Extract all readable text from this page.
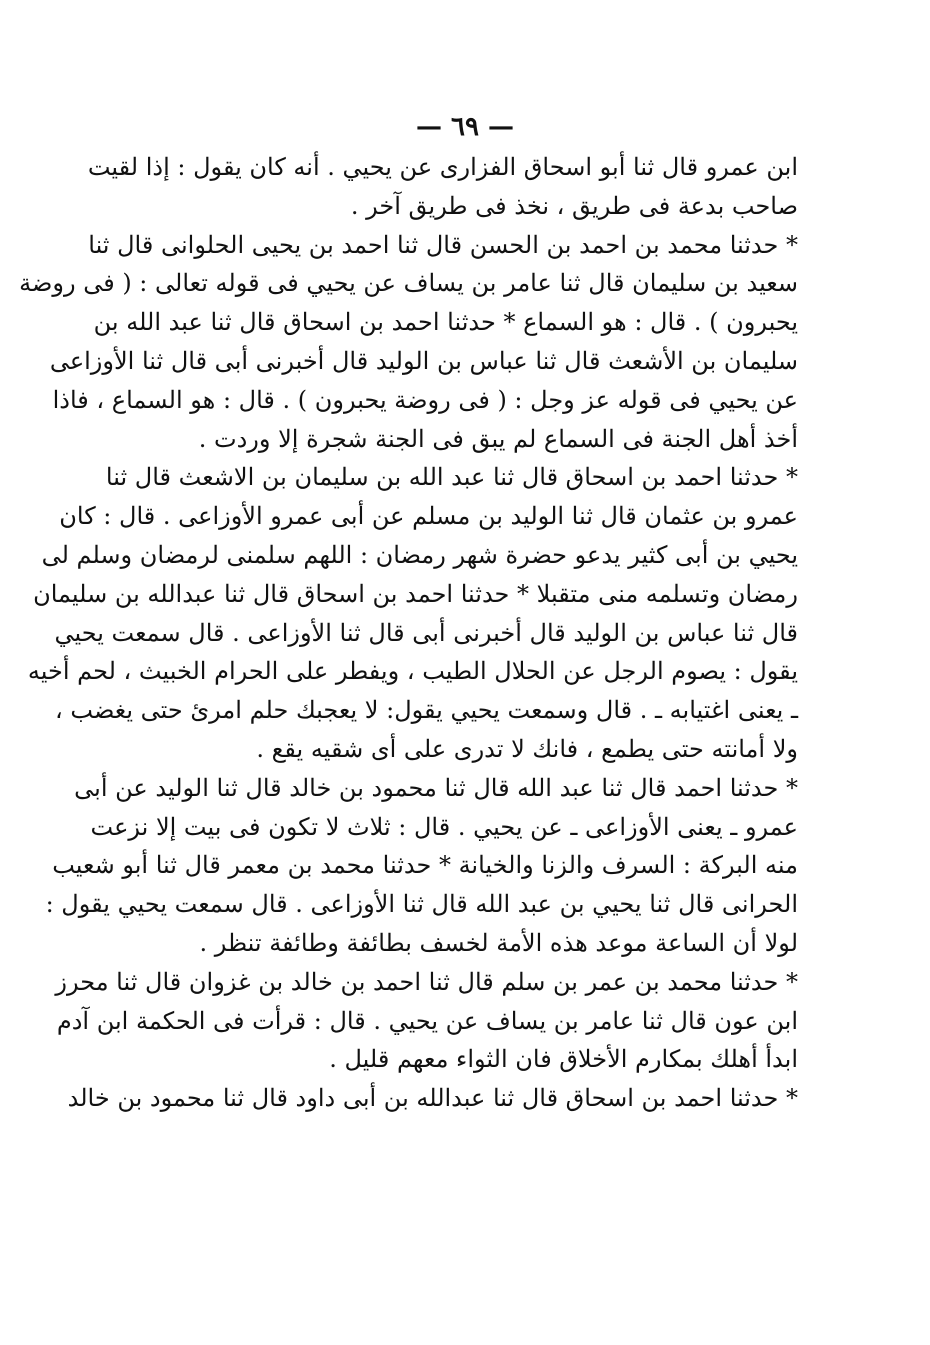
— ٦٩ —
ابن عمرو قال ثنا أبو اسحاق الفزارى عن يحيي . أنه كان يقول : إذا لقيت
صاحب بدعة فى طريق ، نخذ فى طريق آخر .
* حدثنا محمد بن احمد بن الحسن قال ثنا احمد بن يحيى الحلوانى قال ثنا
سعيد بن سليمان قال ثنا عامر بن يساف عن يحيي فى قوله تعالى : ( فى روضة
يحبرون ) . قال : هو السماع * حدثنا احمد بن اسحاق قال ثنا عبد الله بن
سليمان بن الأشعث قال ثنا عباس بن الوليد قال أخبرنى أبى قال ثنا الأوزاعى
عن يحيي فى قوله عز وجل : ( فى روضة يحبرون ) . قال : هو السماع ، فاذا
أخذ أهل الجنة فى السماع لم يبق فى الجنة شجرة إلا وردت .
* حدثنا احمد بن اسحاق قال ثنا عبد الله بن سليمان بن الاشعث قال ثنا
عمرو بن عثمان قال ثنا الوليد بن مسلم عن أبى عمرو الأوزاعى . قال : كان
يحيي بن أبى كثير يدعو حضرة شهر رمضان : اللهم سلمنى لرمضان وسلم لى
رمضان وتسلمه منى متقبلا * حدثنا احمد بن اسحاق قال ثنا عبدالله بن سليمان
قال ثنا عباس بن الوليد قال أخبرنى أبى قال ثنا الأوزاعى . قال سمعت يحيي
يقول : يصوم الرجل عن الحلال الطيب ، ويفطر على الحرام الخبيث ، لحم أخيه
ـ يعنى اغتيابه ـ . قال وسمعت يحيي يقول: لا يعجبك حلم امرئ حتى يغضب ،
ولا أمانته حتى يطمع ، فانك لا تدرى على أى شقيه يقع .
* حدثنا احمد قال ثنا عبد الله قال ثنا محمود بن خالد قال ثنا الوليد عن أبى
عمرو ـ يعنى الأوزاعى ـ عن يحيي . قال : ثلاث لا تكون فى بيت إلا نزعت
منه البركة : السرف والزنا والخيانة * حدثنا محمد بن معمر قال ثنا أبو شعيب
الحرانى قال ثنا يحيي بن عبد الله قال ثنا الأوزاعى . قال سمعت يحيي يقول :
لولا أن الساعة موعد هذه الأمة لخسف بطائفة وطائفة تنظر .
* حدثنا محمد بن عمر بن سلم قال ثنا احمد بن خالد بن غزوان قال ثنا محرز
ابن عون قال ثنا عامر بن يساف عن يحيي . قال : قرأت فى الحكمة ابن آدم
ابدأ أهلك بمكارم الأخلاق فان الثواء معهم قليل .
* حدثنا احمد بن اسحاق قال ثنا عبدالله بن أبى داود قال ثنا محمود بن خالد
